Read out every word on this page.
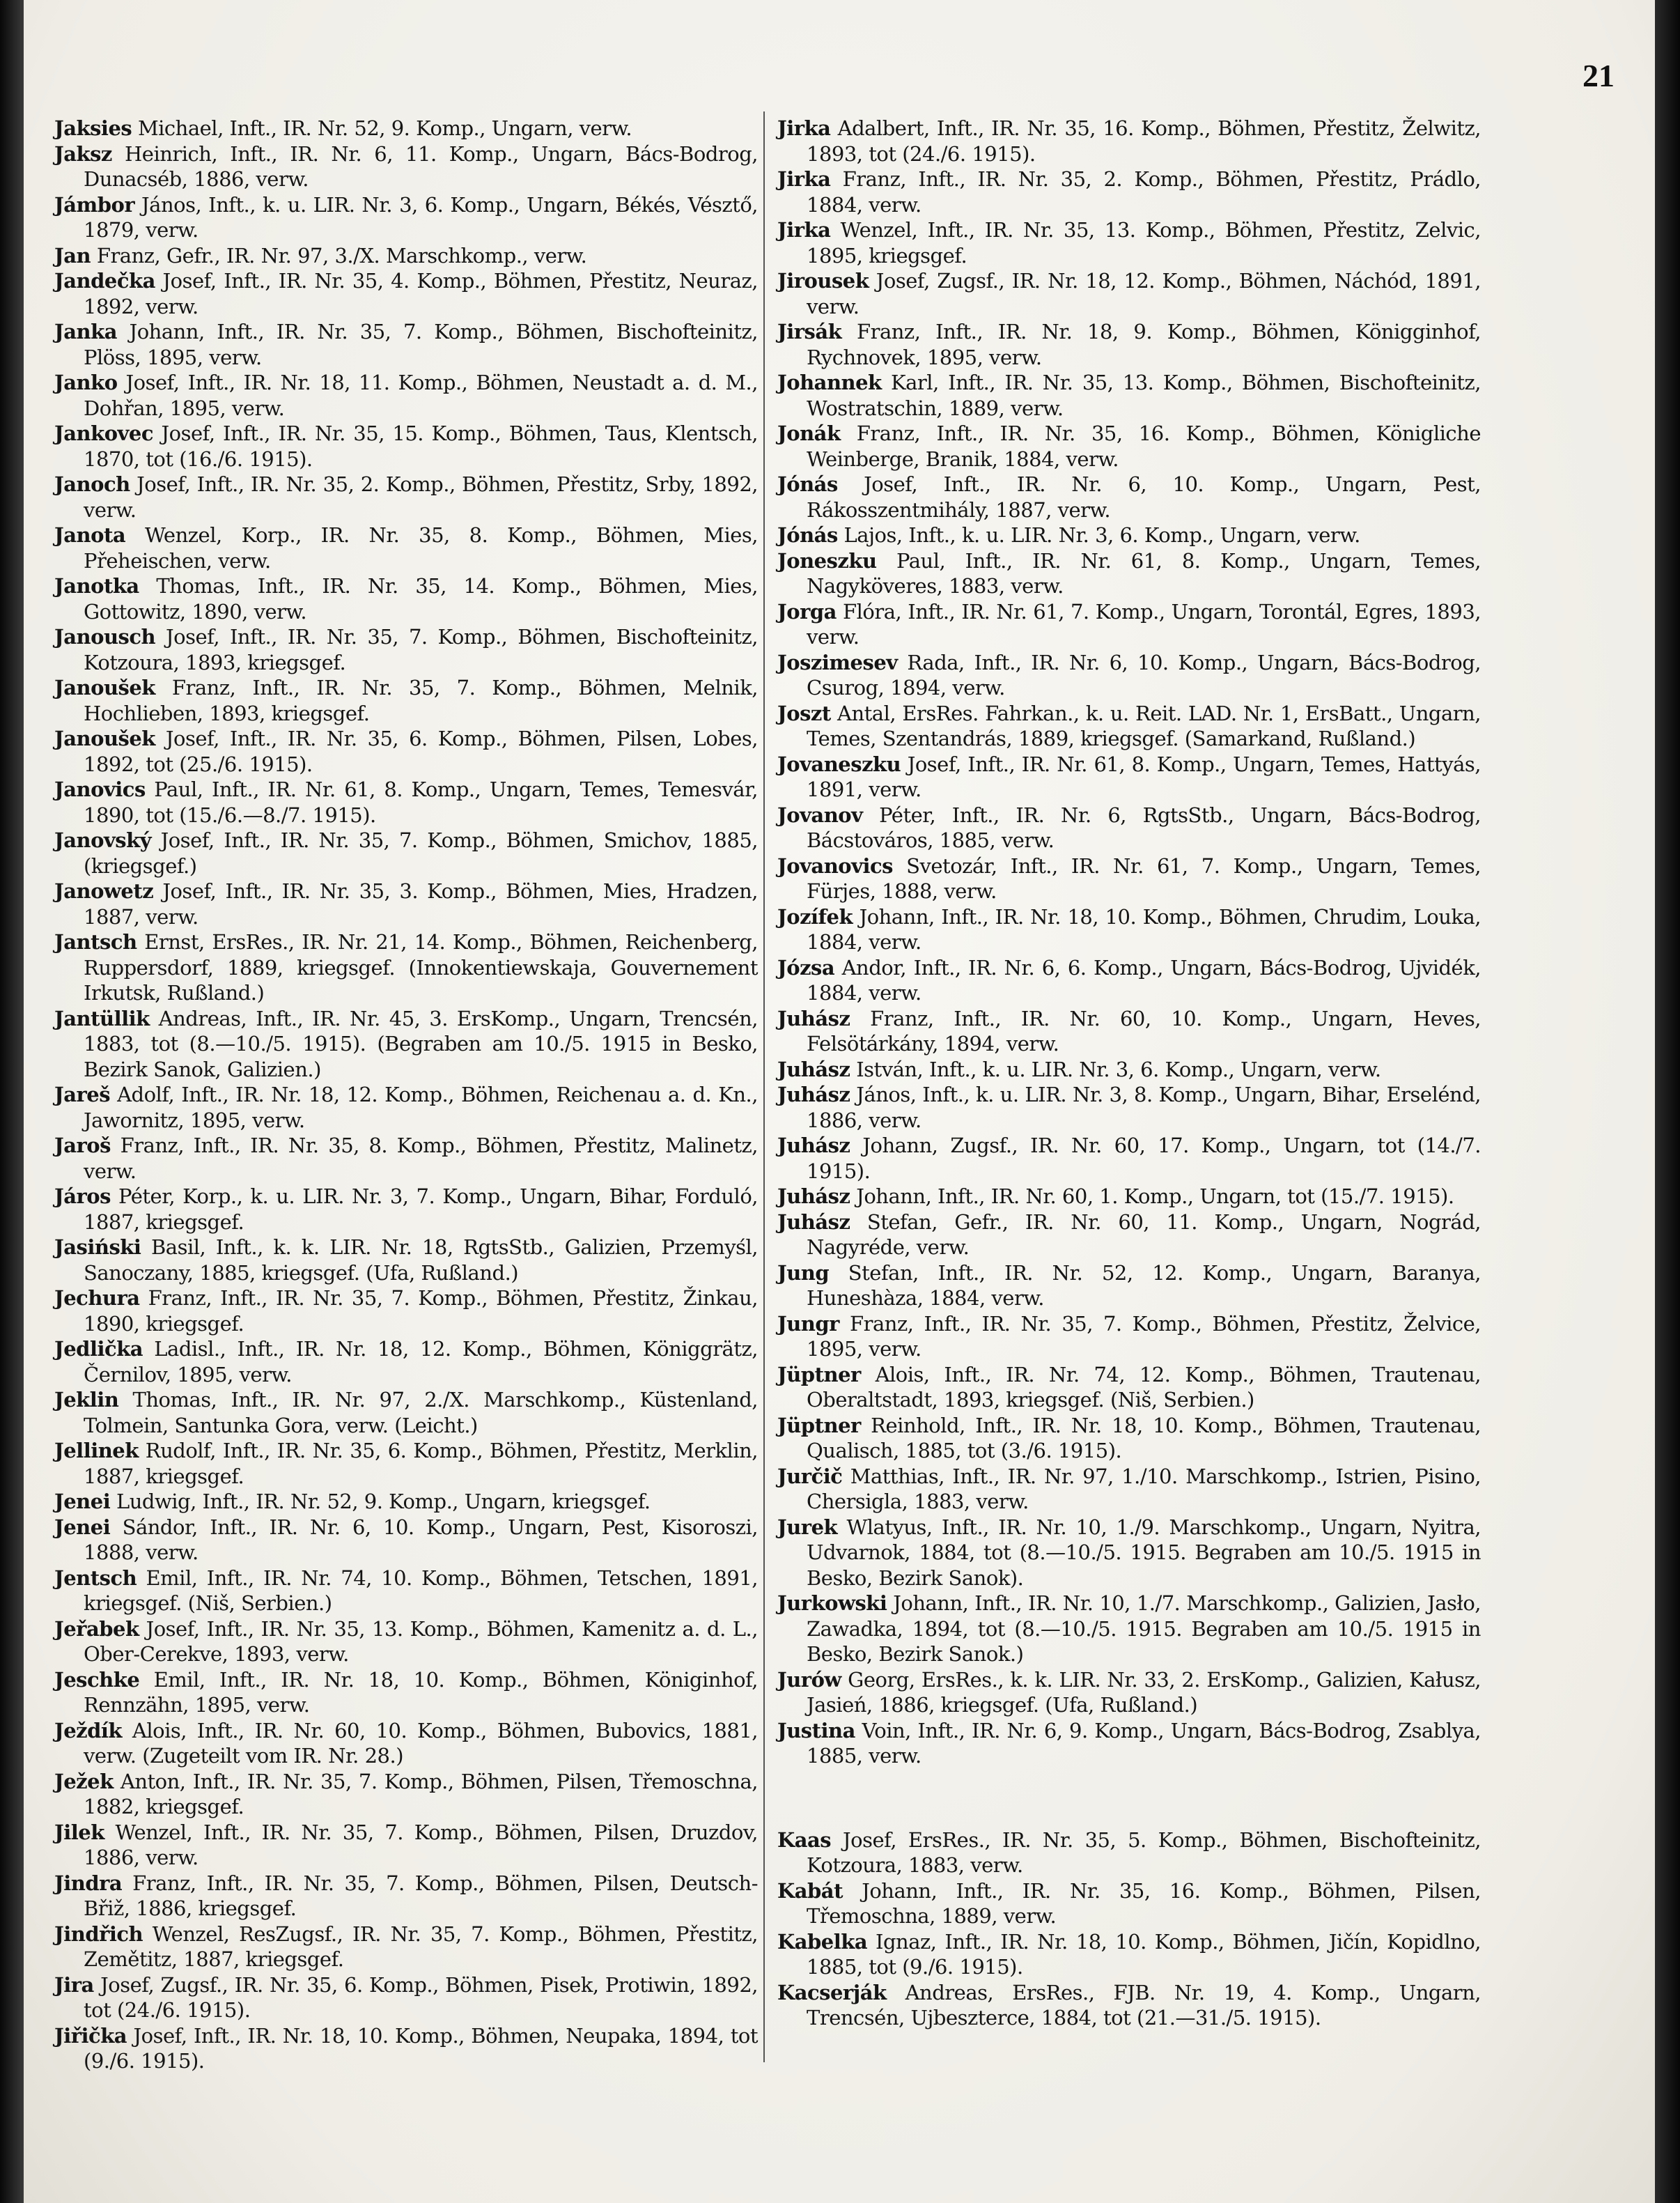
21

Jaksies Michael, Inft., IR. Nr. 52, 9. Komp., Ungarn, verw.

Jaksz Heinrich, Inft., IR. Nr. 6, 11. Komp., Ungarn, Bács-Bodrog, Dunacséb, 1886, verw.

Jámbor János, Inft., k. u. LIR. Nr. 3, 6. Komp., Ungarn, Békés, Vésztő, 1879, verw.

Jan Franz, Gefr., IR. Nr. 97, 3./X. Marschkomp., verw.

Jandečka Josef, Inft., IR. Nr. 35, 4. Komp., Böhmen, Přestitz, Neuraz, 1892, verw.

Janka Johann, Inft., IR. Nr. 35, 7. Komp., Böhmen, Bischofteinitz, Plöss, 1895, verw.

Janko Josef, Inft., IR. Nr. 18, 11. Komp., Böhmen, Neustadt a. d. M., Dohřan, 1895, verw.

Jankovec Josef, Inft., IR. Nr. 35, 15. Komp., Böhmen, Taus, Klentsch, 1870, tot (16./6. 1915).

Janoch Josef, Inft., IR. Nr. 35, 2. Komp., Böhmen, Přestitz, Srby, 1892, verw.

Janota Wenzel, Korp., IR. Nr. 35, 8. Komp., Böhmen, Mies, Přeheischen, verw.

Janotka Thomas, Inft., IR. Nr. 35, 14. Komp., Böhmen, Mies, Gottowitz, 1890, verw.

Janousch Josef, Inft., IR. Nr. 35, 7. Komp., Böhmen, Bischofteinitz, Kotzoura, 1893, kriegsgef.

Janoušek Franz, Inft., IR. Nr. 35, 7. Komp., Böhmen, Melnik, Hochlieben, 1893, kriegsgef.

Janoušek Josef, Inft., IR. Nr. 35, 6. Komp., Böhmen, Pilsen, Lobes, 1892, tot (25./6. 1915).

Janovics Paul, Inft., IR. Nr. 61, 8. Komp., Ungarn, Temes, Temesvár, 1890, tot (15./6.—8./7. 1915).

Janovský Josef, Inft., IR. Nr. 35, 7. Komp., Böhmen, Smichov, 1885, (kriegsgef.)

Janowetz Josef, Inft., IR. Nr. 35, 3. Komp., Böhmen, Mies, Hradzen, 1887, verw.

Jantsch Ernst, ErsRes., IR. Nr. 21, 14. Komp., Böhmen, Reichenberg, Ruppersdorf, 1889, kriegsgef. (Innokentiewskaja, Gouvernement Irkutsk, Rußland.)

Jantüllik Andreas, Inft., IR. Nr. 45, 3. ErsKomp., Ungarn, Trencsén, 1883, tot (8.—10./5. 1915). (Begraben am 10./5. 1915 in Besko, Bezirk Sanok, Galizien.)

Jareš Adolf, Inft., IR. Nr. 18, 12. Komp., Böhmen, Reichenau a. d. Kn., Jawornitz, 1895, verw.

Jaroš Franz, Inft., IR. Nr. 35, 8. Komp., Böhmen, Přestitz, Malinetz, verw.

Járos Péter, Korp., k. u. LIR. Nr. 3, 7. Komp., Ungarn, Bihar, Forduló, 1887, kriegsgef.

Jasiński Basil, Inft., k. k. LIR. Nr. 18, RgtsStb., Galizien, Przemyśl, Sanoczany, 1885, kriegsgef. (Ufa, Rußland.)

Jechura Franz, Inft., IR. Nr. 35, 7. Komp., Böhmen, Přestitz, Žinkau, 1890, kriegsgef.

Jedlička Ladisl., Inft., IR. Nr. 18, 12. Komp., Böhmen, Königgrätz, Černilov, 1895, verw.

Jeklin Thomas, Inft., IR. Nr. 97, 2./X. Marschkomp., Küstenland, Tolmein, Santunka Gora, verw. (Leicht.)

Jellinek Rudolf, Inft., IR. Nr. 35, 6. Komp., Böhmen, Přestitz, Merklin, 1887, kriegsgef.

Jenei Ludwig, Inft., IR. Nr. 52, 9. Komp., Ungarn, kriegsgef.

Jenei Sándor, Inft., IR. Nr. 6, 10. Komp., Ungarn, Pest, Kisoroszi, 1888, verw.

Jentsch Emil, Inft., IR. Nr. 74, 10. Komp., Böhmen, Tetschen, 1891, kriegsgef. (Niš, Serbien.)

Jeřabek Josef, Inft., IR. Nr. 35, 13. Komp., Böhmen, Kamenitz a. d. L., Ober-Cerekve, 1893, verw.

Jeschke Emil, Inft., IR. Nr. 18, 10. Komp., Böhmen, Königinhof, Rennzähn, 1895, verw.

Ježdík Alois, Inft., IR. Nr. 60, 10. Komp., Böhmen, Bubovics, 1881, verw. (Zugeteilt vom IR. Nr. 28.)

Ježek Anton, Inft., IR. Nr. 35, 7. Komp., Böhmen, Pilsen, Třemoschna, 1882, kriegsgef.

Jilek Wenzel, Inft., IR. Nr. 35, 7. Komp., Böhmen, Pilsen, Druzdov, 1886, verw.

Jindra Franz, Inft., IR. Nr. 35, 7. Komp., Böhmen, Pilsen, Deutsch-Břiž, 1886, kriegsgef.

Jindřich Wenzel, ResZugsf., IR. Nr. 35, 7. Komp., Böhmen, Přestitz, Zemětitz, 1887, kriegsgef.

Jira Josef, Zugsf., IR. Nr. 35, 6. Komp., Böhmen, Pisek, Protiwin, 1892, tot (24./6. 1915).

Jiřička Josef, Inft., IR. Nr. 18, 10. Komp., Böhmen, Neupaka, 1894, tot (9./6. 1915).

Jirka Adalbert, Inft., IR. Nr. 35, 16. Komp., Böhmen, Přestitz, Želwitz, 1893, tot (24./6. 1915).

Jirka Franz, Inft., IR. Nr. 35, 2. Komp., Böhmen, Přestitz, Prádlo, 1884, verw.

Jirka Wenzel, Inft., IR. Nr. 35, 13. Komp., Böhmen, Přestitz, Zelvic, 1895, kriegsgef.

Jirousek Josef, Zugsf., IR. Nr. 18, 12. Komp., Böhmen, Náchód, 1891, verw.

Jirsák Franz, Inft., IR. Nr. 18, 9. Komp., Böhmen, Königginhof, Rychnovek, 1895, verw.

Johannek Karl, Inft., IR. Nr. 35, 13. Komp., Böhmen, Bischofteinitz, Wostratschin, 1889, verw.

Jonák Franz, Inft., IR. Nr. 35, 16. Komp., Böhmen, Königliche Weinberge, Branik, 1884, verw.

Jónás Josef, Inft., IR. Nr. 6, 10. Komp., Ungarn, Pest, Rákosszentmihály, 1887, verw.

Jónás Lajos, Inft., k. u. LIR. Nr. 3, 6. Komp., Ungarn, verw.

Joneszku Paul, Inft., IR. Nr. 61, 8. Komp., Ungarn, Temes, Nagyköveres, 1883, verw.

Jorga Flóra, Inft., IR. Nr. 61, 7. Komp., Ungarn, Torontál, Egres, 1893, verw.

Joszimesev Rada, Inft., IR. Nr. 6, 10. Komp., Ungarn, Bács-Bodrog, Csurog, 1894, verw.

Joszt Antal, ErsRes. Fahrkan., k. u. Reit. LAD. Nr. 1, ErsBatt., Ungarn, Temes, Szentandrás, 1889, kriegsgef. (Samarkand, Rußland.)

Jovaneszku Josef, Inft., IR. Nr. 61, 8. Komp., Ungarn, Temes, Hattyás, 1891, verw.

Jovanov Péter, Inft., IR. Nr. 6, RgtsStb., Ungarn, Bács-Bodrog, Bácstováros, 1885, verw.

Jovanovics Svetozár, Inft., IR. Nr. 61, 7. Komp., Ungarn, Temes, Fürjes, 1888, verw.

Jozífek Johann, Inft., IR. Nr. 18, 10. Komp., Böhmen, Chrudim, Louka, 1884, verw.

Józsa Andor, Inft., IR. Nr. 6, 6. Komp., Ungarn, Bács-Bodrog, Ujvidék, 1884, verw.

Juhász Franz, Inft., IR. Nr. 60, 10. Komp., Ungarn, Heves, Felsötárkány, 1894, verw.

Juhász István, Inft., k. u. LIR. Nr. 3, 6. Komp., Ungarn, verw.

Juhász János, Inft., k. u. LIR. Nr. 3, 8. Komp., Ungarn, Bihar, Erselénd, 1886, verw.

Juhász Johann, Zugsf., IR. Nr. 60, 17. Komp., Ungarn, tot (14./7. 1915).

Juhász Johann, Inft., IR. Nr. 60, 1. Komp., Ungarn, tot (15./7. 1915).

Juhász Stefan, Gefr., IR. Nr. 60, 11. Komp., Ungarn, Nográd, Nagyréde, verw.

Jung Stefan, Inft., IR. Nr. 52, 12. Komp., Ungarn, Baranya, Huneshàza, 1884, verw.

Jungr Franz, Inft., IR. Nr. 35, 7. Komp., Böhmen, Přestitz, Želvice, 1895, verw.

Jüptner Alois, Inft., IR. Nr. 74, 12. Komp., Böhmen, Trautenau, Oberaltstadt, 1893, kriegsgef. (Niš, Serbien.)

Jüptner Reinhold, Inft., IR. Nr. 18, 10. Komp., Böhmen, Trautenau, Qualisch, 1885, tot (3./6. 1915).

Jurčič Matthias, Inft., IR. Nr. 97, 1./10. Marschkomp., Istrien, Pisino, Chersigla, 1883, verw.

Jurek Wlatyus, Inft., IR. Nr. 10, 1./9. Marschkomp., Ungarn, Nyitra, Udvarnok, 1884, tot (8.—10./5. 1915. Begraben am 10./5. 1915 in Besko, Bezirk Sanok).

Jurkowski Johann, Inft., IR. Nr. 10, 1./7. Marschkomp., Galizien, Jasło, Zawadka, 1894, tot (8.—10./5. 1915. Begraben am 10./5. 1915 in Besko, Bezirk Sanok.)

Jurów Georg, ErsRes., k. k. LIR. Nr. 33, 2. ErsKomp., Galizien, Kałusz, Jasień, 1886, kriegsgef. (Ufa, Rußland.)

Justina Voin, Inft., IR. Nr. 6, 9. Komp., Ungarn, Bács-Bodrog, Zsablya, 1885, verw.

Kaas Josef, ErsRes., IR. Nr. 35, 5. Komp., Böhmen, Bischofteinitz, Kotzoura, 1883, verw.

Kabát Johann, Inft., IR. Nr. 35, 16. Komp., Böhmen, Pilsen, Třemoschna, 1889, verw.

Kabelka Ignaz, Inft., IR. Nr. 18, 10. Komp., Böhmen, Jičín, Kopidlno, 1885, tot (9./6. 1915).

Kacserják Andreas, ErsRes., FJB. Nr. 19, 4. Komp., Ungarn, Trencsén, Ujbeszterce, 1884, tot (21.—31./5. 1915).
